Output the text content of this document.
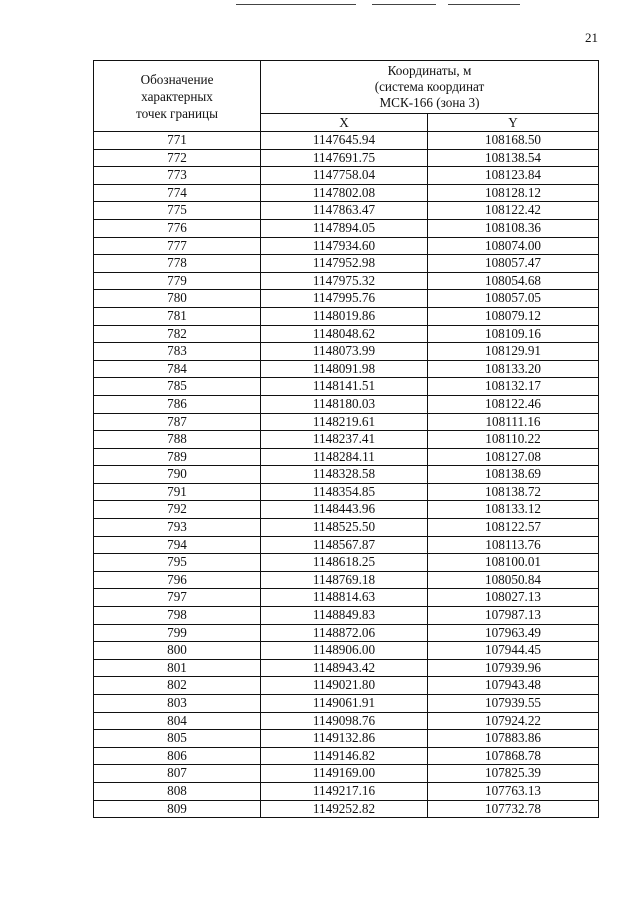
21
Обозначение
характерных
точек границы	Координаты, м
(система координат
МСК-166 (зона 3)	

	X	Y
771	1147645.94	108168.50
772	1147691.75	108138.54
773	1147758.04	108123.84
774	1147802.08	108128.12
775	1147863.47	108122.42
776	1147894.05	108108.36
777	1147934.60	108074.00
778	1147952.98	108057.47
779	1147975.32	108054.68
780	1147995.76	108057.05
781	1148019.86	108079.12
782	1148048.62	108109.16
783	1148073.99	108129.91
784	1148091.98	108133.20
785	1148141.51	108132.17
786	1148180.03	108122.46
787	1148219.61	108111.16
788	1148237.41	108110.22
789	1148284.11	108127.08
790	1148328.58	108138.69
791	1148354.85	108138.72
792	1148443.96	108133.12
793	1148525.50	108122.57
794	1148567.87	108113.76
795	1148618.25	108100.01
796	1148769.18	108050.84
797	1148814.63	108027.13
798	1148849.83	107987.13
799	1148872.06	107963.49
800	1148906.00	107944.45
801	1148943.42	107939.96
802	1149021.80	107943.48
803	1149061.91	107939.55
804	1149098.76	107924.22
805	1149132.86	107883.86
806	1149146.82	107868.78
807	1149169.00	107825.39
808	1149217.16	107763.13
809	1149252.82	107732.78
